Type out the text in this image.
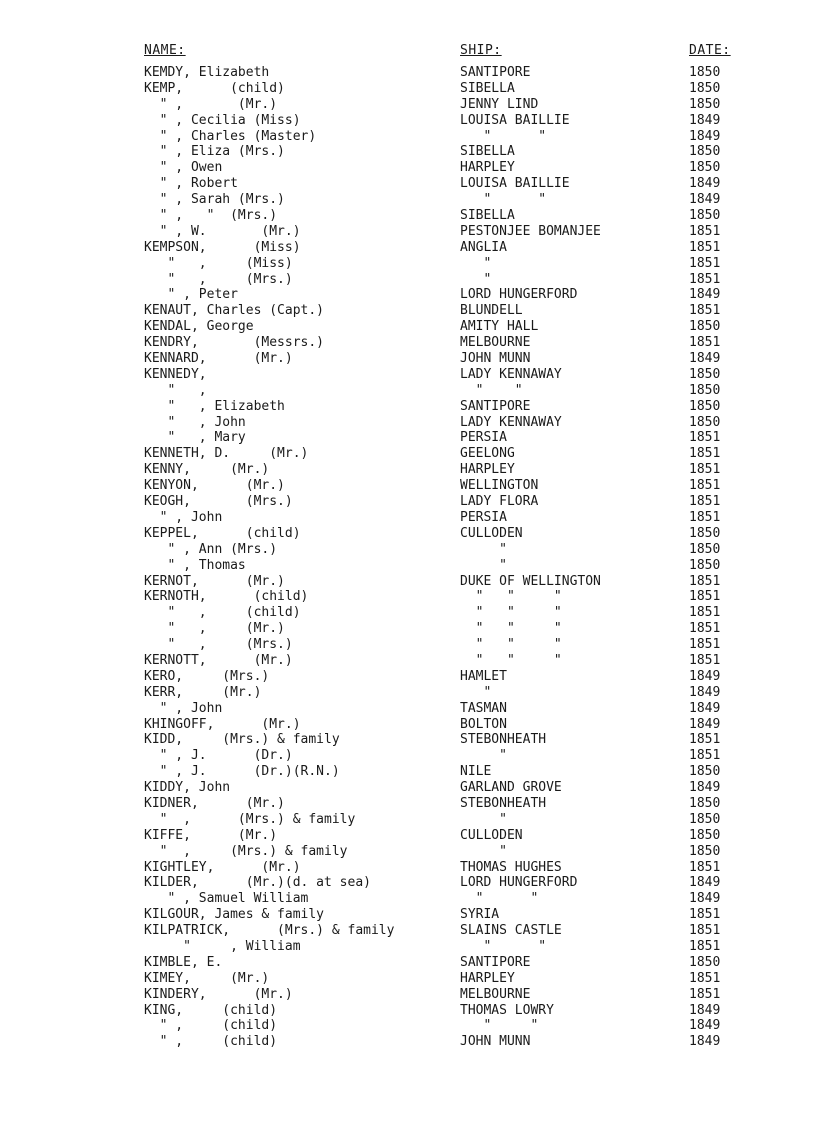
NAME:	SHIP:	DATE:
KEMDY, Elizabeth	SANTIPORE	1850
KEMP,      (child)	SIBELLA	1850
" ,       (Mr.)	JENNY LIND	1850
" , Cecilia (Miss)	LOUISA BAILLIE	1849
" , Charles (Master)	"      "	1849
" , Eliza (Mrs.)	SIBELLA	1850
" , Owen	HARPLEY	1850
" , Robert	LOUISA BAILLIE	1849
" , Sarah (Mrs.)	"      "	1849
" ,   "  (Mrs.)	SIBELLA	1850
" , W.       (Mr.)	PESTONJEE BOMANJEE	1851
KEMPSON,      (Miss)	ANGLIA	1851
"   ,     (Miss)	"	1851
"   ,     (Mrs.)	"	1851
" , Peter	LORD HUNGERFORD	1849
KENAUT, Charles (Capt.)	BLUNDELL	1851
KENDAL, George	AMITY HALL	1850
KENDRY,       (Messrs.)	MELBOURNE	1851
KENNARD,      (Mr.)	JOHN MUNN	1849
KENNEDY,	LADY KENNAWAY	1850
"   ,	"    "	1850
"   , Elizabeth	SANTIPORE	1850
"   , John	LADY KENNAWAY	1850
"   , Mary	PERSIA	1851
KENNETH, D.     (Mr.)	GEELONG	1851
KENNY,     (Mr.)	HARPLEY	1851
KENYON,      (Mr.)	WELLINGTON	1851
KEOGH,       (Mrs.)	LADY FLORA	1851
" , John	PERSIA	1851
KEPPEL,      (child)	CULLODEN	1850
" , Ann (Mrs.)	"	1850
" , Thomas	"	1850
KERNOT,      (Mr.)	DUKE OF WELLINGTON	1851
KERNOTH,      (child)	"   "     "	1851
"   ,     (child)	"   "     "	1851
"   ,     (Mr.)	"   "     "	1851
"   ,     (Mrs.)	"   "     "	1851
KERNOTT,      (Mr.)	"   "     "	1851
KERO,     (Mrs.)	HAMLET	1849
KERR,     (Mr.)	"	1849
" , John	TASMAN	1849
KHINGOFF,      (Mr.)	BOLTON	1849
KIDD,     (Mrs.) & family	STEBONHEATH	1851
" , J.      (Dr.)	"	1851
" , J.      (Dr.)(R.N.)	NILE	1850
KIDDY, John	GARLAND GROVE	1849
KIDNER,      (Mr.)	STEBONHEATH	1850
"  ,      (Mrs.) & family	"	1850
KIFFE,      (Mr.)	CULLODEN	1850
"  ,     (Mrs.) & family	"	1850
KIGHTLEY,      (Mr.)	THOMAS HUGHES	1851
KILDER,      (Mr.)(d. at sea)	LORD HUNGERFORD	1849
" , Samuel William	"      "	1849
KILGOUR, James & family	SYRIA	1851
KILPATRICK,      (Mrs.) & family	SLAINS CASTLE	1851
"     , William	"      "	1851
KIMBLE, E.	SANTIPORE	1850
KIMEY,     (Mr.)	HARPLEY	1851
KINDERY,      (Mr.)	MELBOURNE	1851
KING,     (child)	THOMAS LOWRY	1849
" ,     (child)	"     "	1849
" ,     (child)	JOHN MUNN	1849
